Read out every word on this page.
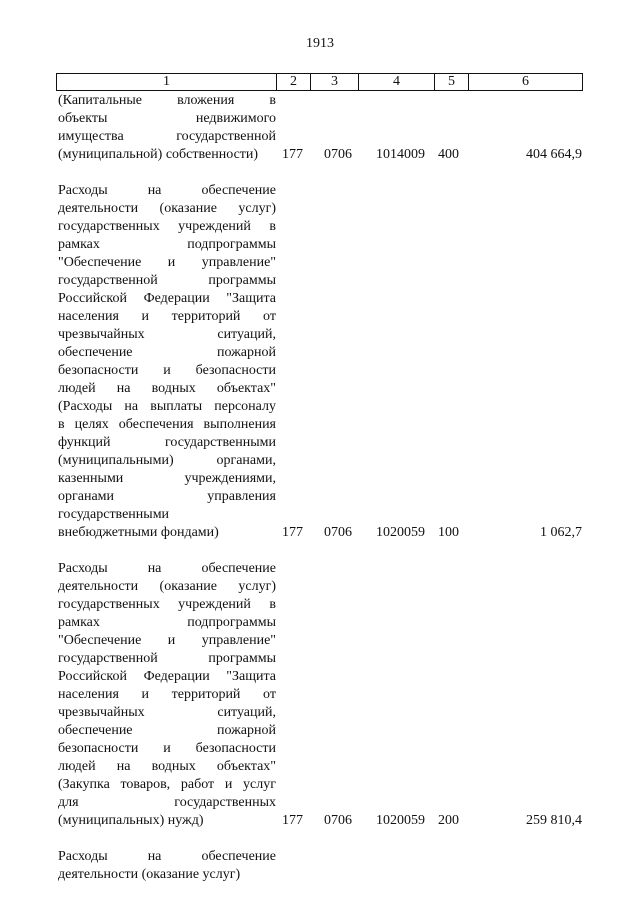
1913
1	2	3	4	5	6
(Капитальные вложения в
объекты недвижимого
имущества государственной
(муниципальной) собственности)	177	0706	1014009 400	404 664,9
Расходы на обеспечение
деятельности (оказание услуг)
государственных учреждений в
рамках подпрограммы
"Обеспечение и управление"
государственной программы
Российской Федерации "Защита
населения и территорий от
чрезвычайных ситуаций,
обеспечение пожарной
безопасности и безопасности
людей на водных объектах"
(Расходы на выплаты персоналу
в целях обеспечения выполнения
функций государственными
(муниципальными) органами,
казенными учреждениями,
органами управления
государственными
внебюджетными фондами)	177	0706	1020059 100	1 062,7
Расходы на обеспечение
деятельности (оказание услуг)
государственных учреждений в
рамках подпрограммы
"Обеспечение и управление"
государственной программы
Российской Федерации "Защита
населения и территорий от
чрезвычайных ситуаций,
обеспечение пожарной
безопасности и безопасности
людей на водных объектах"
(Закупка товаров, работ и услуг
для государственных
(муниципальных) нужд)	177	0706	1020059 200	259 810,4
Расходы на обеспечение
деятельности (оказание услуг)
